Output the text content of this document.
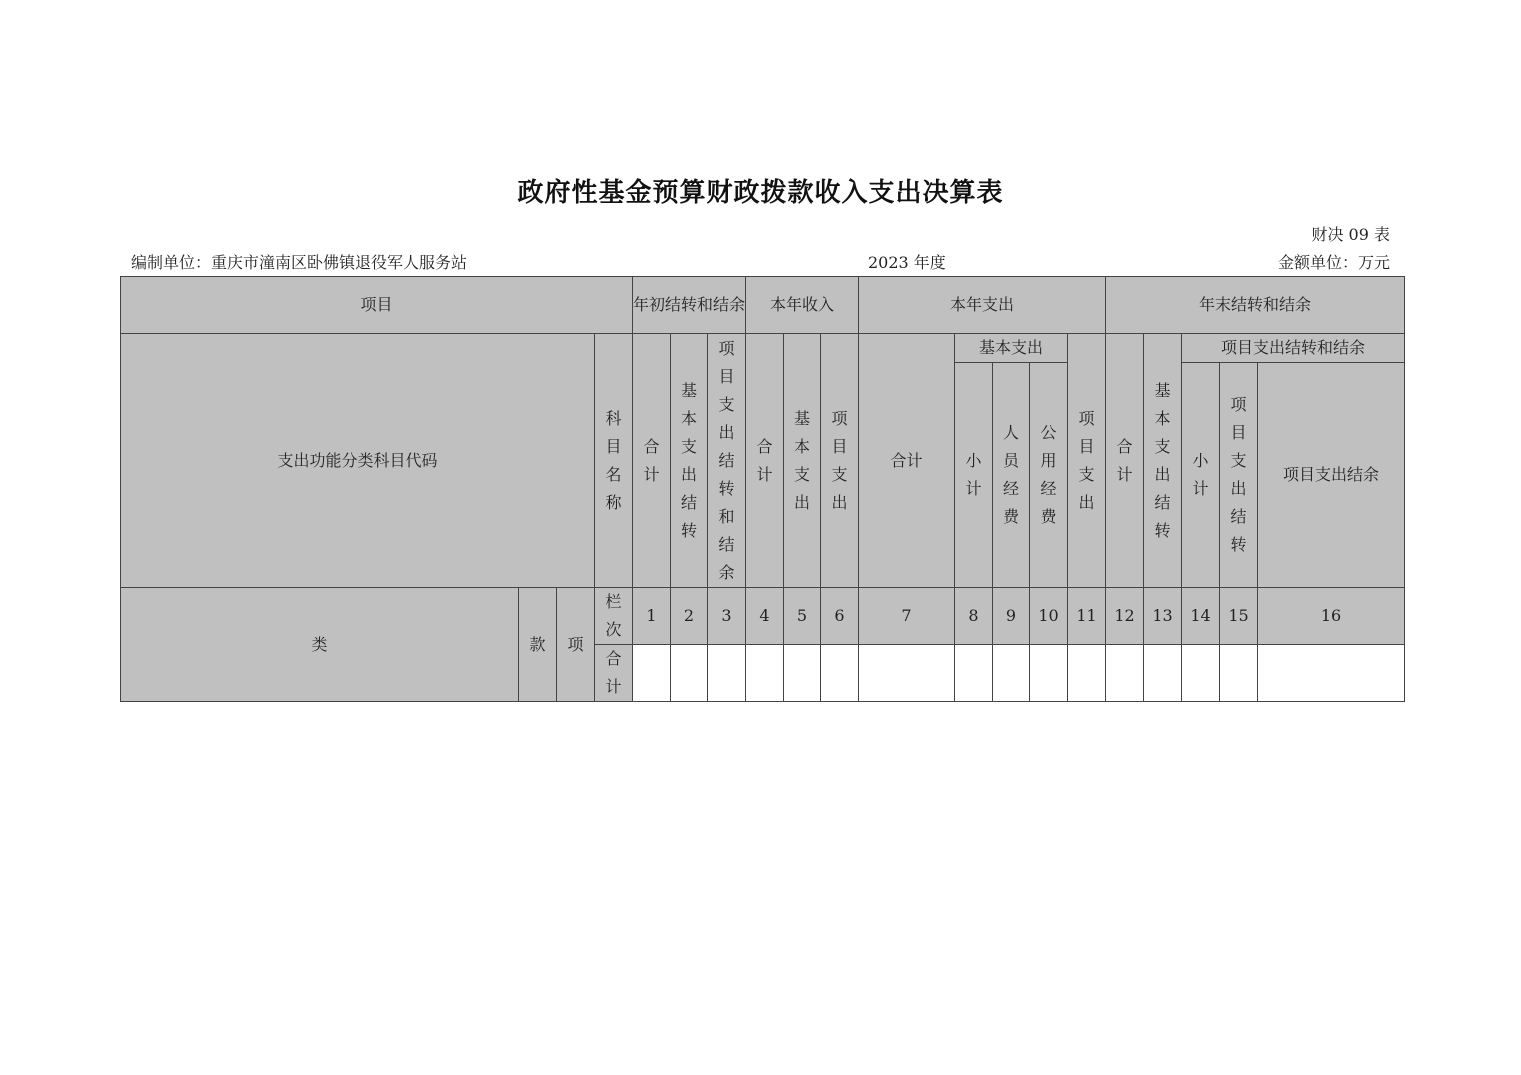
政府性基金预算财政拨款收入支出决算表
财决 09 表
编制单位：重庆市潼南区卧佛镇退役军人服务站	2023 年度	金额单位：万元
项目				年初结转和结余			本年收入			本年支出					年末结转和结余				
支出功能分类科目代码			科目名称	合计	基本支出结转	项目支出结转和结余	合计	基本支出	项目支出	合计	基本支出			项目支出	合计	基本支出结转	项目支出结转和结余		
											小计	人员经费	公用经费				小计	项目支出结转	项目支出结余
类	款	项	栏次	1	2	3	4	5	6	7	8	9	10	11	12	13	14	15	16
			合计																
